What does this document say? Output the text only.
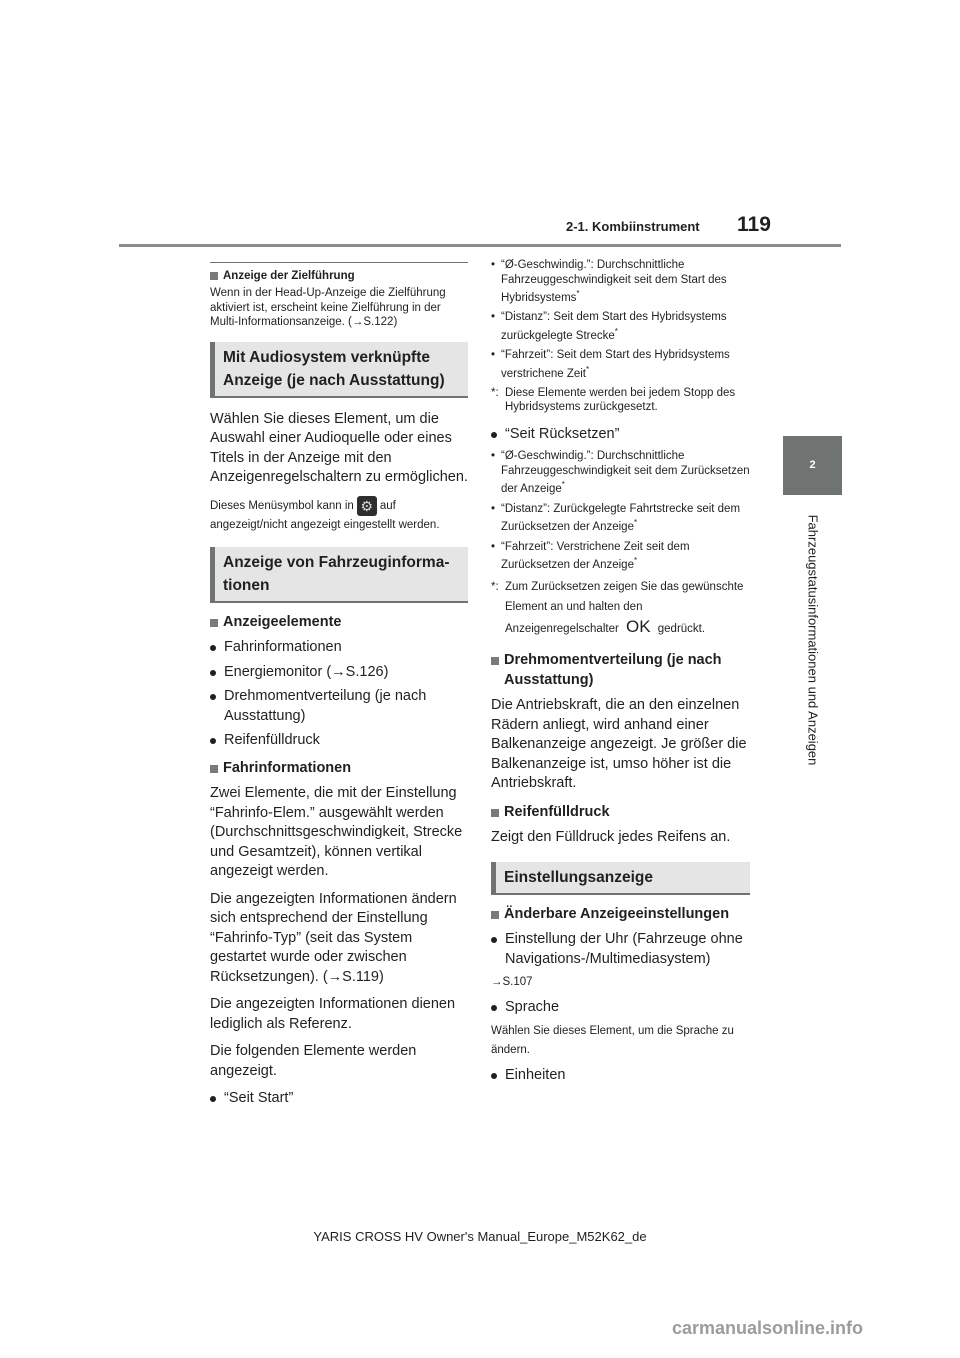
2-1. Kombiinstrument 119
2
Fahrzeugstatusinformationen und Anzeigen
Anzeige der Zielführung
Wenn in der Head-Up-Anzeige die Zielführung aktiviert ist, erscheint keine Zielführung in der Multi-Informationsanzeige. (→S.122)
Mit Audiosystem verknüpfte Anzeige (je nach Ausstattung)

Wählen Sie dieses Element, um die Auswahl einer Audioquelle oder eines Titels in der Anzeige mit den Anzeigenregelschaltern zu ermöglichen.

Dieses Menüsymbol kann in ⚙ auf angezeigt/nicht angezeigt eingestellt werden.
Anzeige von Fahrzeuginforma-tionen
Anzeigeelemente
Fahrinformationen
Energiemonitor (→S.126)
Drehmomentverteilung (je nach Ausstattung)
Reifenfülldruck
Fahrinformationen

Zwei Elemente, die mit der Einstellung “Fahrinfo-Elem.” ausgewählt werden (Durchschnittsgeschwindigkeit, Strecke und Gesamtzeit), können vertikal angezeigt werden.

Die angezeigten Informationen ändern sich entsprechend der Einstellung “Fahrinfo-Typ” (seit das System gestartet wurde oder zwischen Rücksetzungen). (→S.119)

Die angezeigten Informationen dienen lediglich als Referenz.

Die folgenden Elemente werden angezeigt.

“Seit Start”
• “Ø-Geschwindig.”: Durchschnittliche Fahrzeuggeschwindigkeit seit dem Start des Hybridsystems*
• “Distanz”: Seit dem Start des Hybridsystems zurückgelegte Strecke*
• “Fahrzeit”: Seit dem Start des Hybridsystems verstrichene Zeit*
*: Diese Elemente werden bei jedem Stopp des Hybridsystems zurückgesetzt.
“Seit Rücksetzen”
• “Ø-Geschwindig.”: Durchschnittliche Fahrzeuggeschwindigkeit seit dem Zurücksetzen der Anzeige*
• “Distanz”: Zurückgelegte Fahrtstrecke seit dem Zurücksetzen der Anzeige*
• “Fahrzeit”: Verstrichene Zeit seit dem Zurücksetzen der Anzeige*
*: Zum Zurücksetzen zeigen Sie das gewünschte Element an und halten den Anzeigenregelschalter OK gedrückt.
Drehmomentverteilung (je nach Ausstattung)

Die Antriebskraft, die an den einzelnen Rädern anliegt, wird anhand einer Balkenanzeige angezeigt. Je größer die Balkenanzeige ist, umso höher ist die Antriebskraft.

Reifenfülldruck

Zeigt den Fülldruck jedes Reifens an.

Einstellungsanzeige
Änderbare Anzeigeeinstellungen
Einstellung der Uhr (Fahrzeuge ohne Navigations-/Multimediasystem)
→S.107
Sprache
Wählen Sie dieses Element, um die Sprache zu ändern.
Einheiten
YARIS CROSS HV Owner's Manual_Europe_M52K62_de
carmanualsonline.info
